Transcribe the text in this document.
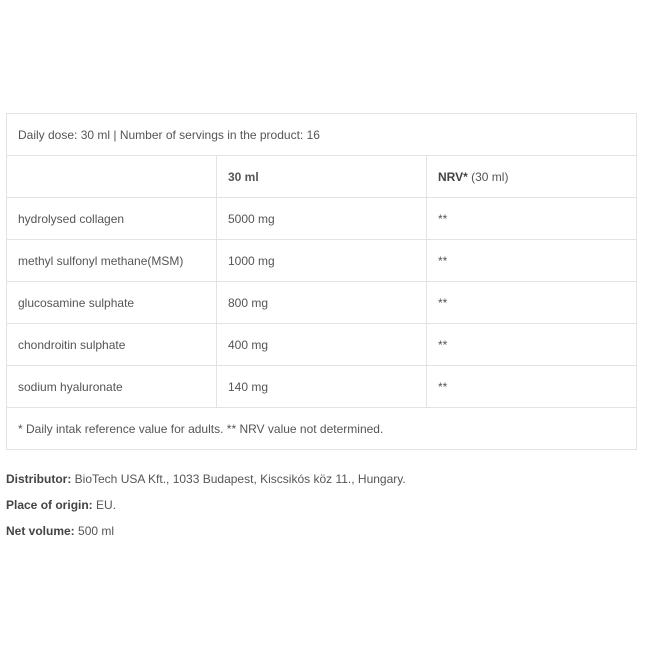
Daily dose: 30 ml | Number of servings in the product: 16		
	30 ml	NRV* (30 ml)
hydrolysed collagen	5000 mg	**
methyl sulfonyl methane(MSM)	1000 mg	**
glucosamine sulphate	800 mg	**
chondroitin sulphate	400 mg	**
sodium hyaluronate	140 mg	**
* Daily intak reference value for adults. ** NRV value not determined.		
Distributor: BioTech USA Kft., 1033 Budapest, Kiscsikós köz 11., Hungary.
Place of origin: EU.
Net volume: 500 ml
